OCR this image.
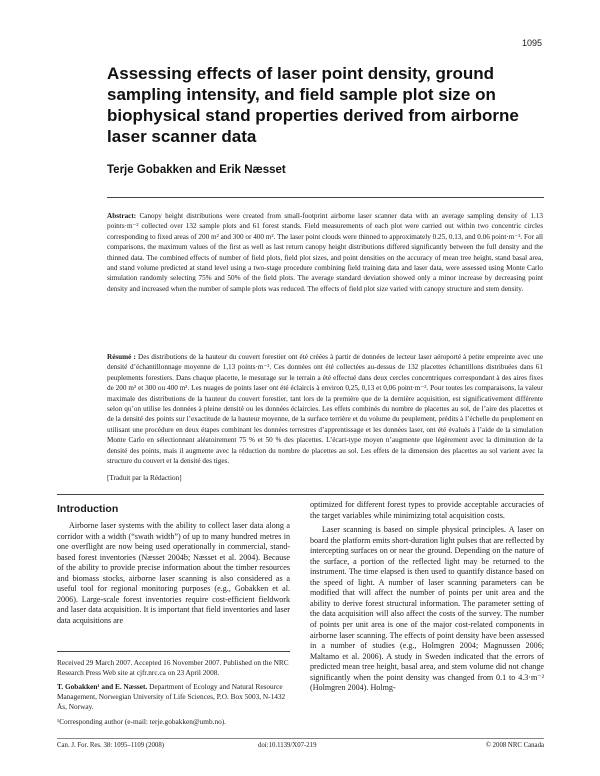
1095
Assessing effects of laser point density, ground sampling intensity, and field sample plot size on biophysical stand properties derived from airborne laser scanner data

Terje Gobakken and Erik Næsset

Abstract: Canopy height distributions were created from small-footprint airborne laser scanner data with an average sampling density of 1.13 points·m⁻² collected over 132 sample plots and 61 forest stands. Field measurements of each plot were carried out within two concentric circles corresponding to fixed areas of 200 m² and 300 or 400 m². The laser point clouds were thinned to approximately 0.25, 0.13, and 0.06 point·m⁻². For all comparisons, the maximum values of the first as well as last return canopy height distributions differed significantly between the full density and the thinned data. The combined effects of number of field plots, field plot sizes, and point densities on the accuracy of mean tree height, stand basal area, and stand volume predicted at stand level using a two-stage procedure combining field training data and laser data, were assessed using Monte Carlo simulation randomly selecting 75% and 50% of the field plots. The average standard deviation showed only a minor increase by decreasing point density and increased when the number of sample plots was reduced. The effects of field plot size varied with canopy structure and stem density.

Résumé : Des distributions de la hauteur du couvert forestier ont été créées à partir de données de lecteur laser aéroporté à petite empreinte avec une densité d’échantillonnage moyenne de 1,13 points·m⁻². Ces données ont été collectées au-dessus de 132 placettes échantillons distribuées dans 61 peuplements forestiers. Dans chaque placette, le mesurage sur le terrain a été effectué dans deux cercles concentriques correspondant à des aires fixes de 200 m² et 300 ou 400 m². Les nuages de points laser ont été éclaircis à environ 0,25, 0,13 et 0,06 point·m⁻². Pour toutes les comparaisons, la valeur maximale des distributions de la hauteur du couvert forestier, tant lors de la première que de la dernière acquisition, est significativement différente selon qu’on utilise les données à pleine densité ou les données éclaircies. Les effets combinés du nombre de placettes au sol, de l’aire des placettes et de la densité des points sur l’exactitude de la hauteur moyenne, de la surface terrière et du volume du peuplement, prédits à l’échelle du peuplement en utilisant une procédure en deux étapes combinant les données terrestres d’apprentissage et les données laser, ont été évalués à l’aide de la simulation Monte Carlo en sélectionnant aléatoirement 75 % et 50 % des placettes. L’écart-type moyen n’augmente que légèrement avec la diminution de la densité des points, mais il augmente avec la réduction du nombre de placettes au sol. Les effets de la dimension des placettes au sol varient avec la structure du couvert et la densité des tiges.

[Traduit par la Rédaction]

Introduction

Airborne laser systems with the ability to collect laser data along a corridor with a width (“swath width”) of up to many hundred metres in one overflight are now being used operationally in commercial, stand-based forest inventories (Næsset 2004b; Næsset et al. 2004). Because of the ability to provide precise information about the timber resources and biomass stocks, airborne laser scanning is also considered as a useful tool for regional monitoring purposes (e.g., Gobakken et al. 2006). Large-scale forest inventories require cost-efficient fieldwork and laser data acquisition. It is important that field inventories and laser data acquisitions are

optimized for different forest types to provide acceptable accuracies of the target variables while minimizing total acquisition costs.

Laser scanning is based on simple physical principles. A laser on board the platform emits short-duration light pulses that are reflected by intercepting surfaces on or near the ground. Depending on the nature of the surface, a portion of the reflected light may be returned to the instrument. The time elapsed is then used to quantify distance based on the speed of light. A number of laser scanning parameters can be modified that will affect the number of points per unit area and the ability to derive forest structural information. The parameter setting of the data acquisition will also affect the costs of the survey. The number of points per unit area is one of the major cost-related components in airborne laser scanning. The effects of point density have been assessed in a number of studies (e.g., Holmgren 2004; Magnussen 2006; Maltamo et al. 2006). A study in Sweden indicated that the errors of predicted mean tree height, basal area, and stem volume did not change significantly when the point density was changed from 0.1 to 4.3·m⁻² (Holmgren 2004). Holmg-

Received 29 March 2007. Accepted 16 November 2007. Published on the NRC Research Press Web site at cjfr.nrc.ca on 23 April 2008.

T. Gobakken¹ and E. Næsset. Department of Ecology and Natural Resource Management, Norwegian University of Life Sciences, P.O. Box 5003, N-1432 Ås, Norway.

¹Corresponding author (e-mail: terje.gobakken@umb.no).

Can. J. For. Res. 38: 1095–1109 (2008)	doi:10.1139/X07-219	© 2008 NRC Canada
